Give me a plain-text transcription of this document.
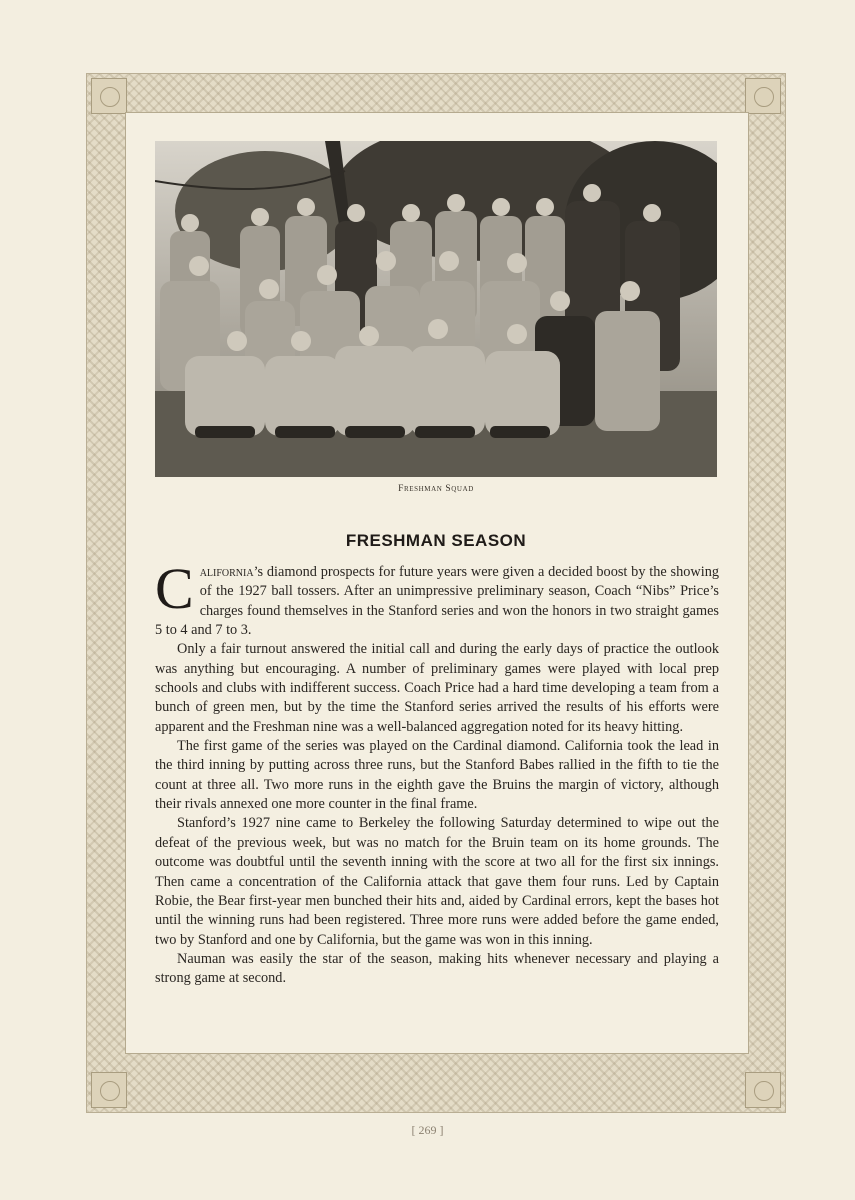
Freshman Squad
FRESHMAN SEASON

California’s diamond prospects for future years were given a decided boost by the showing of the 1927 ball tossers. After an unimpressive preliminary season, Coach “Nibs” Price’s charges found themselves in the Stanford series and won the honors in two straight games 5 to 4 and 7 to 3.

Only a fair turnout answered the initial call and during the early days of practice the outlook was anything but encouraging. A number of preliminary games were played with local prep schools and clubs with indifferent success. Coach Price had a hard time developing a team from a bunch of green men, but by the time the Stanford series arrived the results of his efforts were apparent and the Freshman nine was a well-balanced aggregation noted for its heavy hitting.

The first game of the series was played on the Cardinal diamond. California took the lead in the third inning by putting across three runs, but the Stanford Babes rallied in the fifth to tie the count at three all. Two more runs in the eighth gave the Bruins the margin of victory, although their rivals annexed one more counter in the final frame.

Stanford’s 1927 nine came to Berkeley the following Saturday determined to wipe out the defeat of the previous week, but was no match for the Bruin team on its home grounds. The outcome was doubtful until the seventh inning with the score at two all for the first six innings. Then came a concentration of the California attack that gave them four runs. Led by Captain Robie, the Bear first-year men bunched their hits and, aided by Cardinal errors, kept the bases hot until the winning runs had been registered. Three more runs were added before the game ended, two by Stanford and one by California, but the game was won in this inning.

Nauman was easily the star of the season, making hits whenever necessary and playing a strong game at second.

[ 269 ]
